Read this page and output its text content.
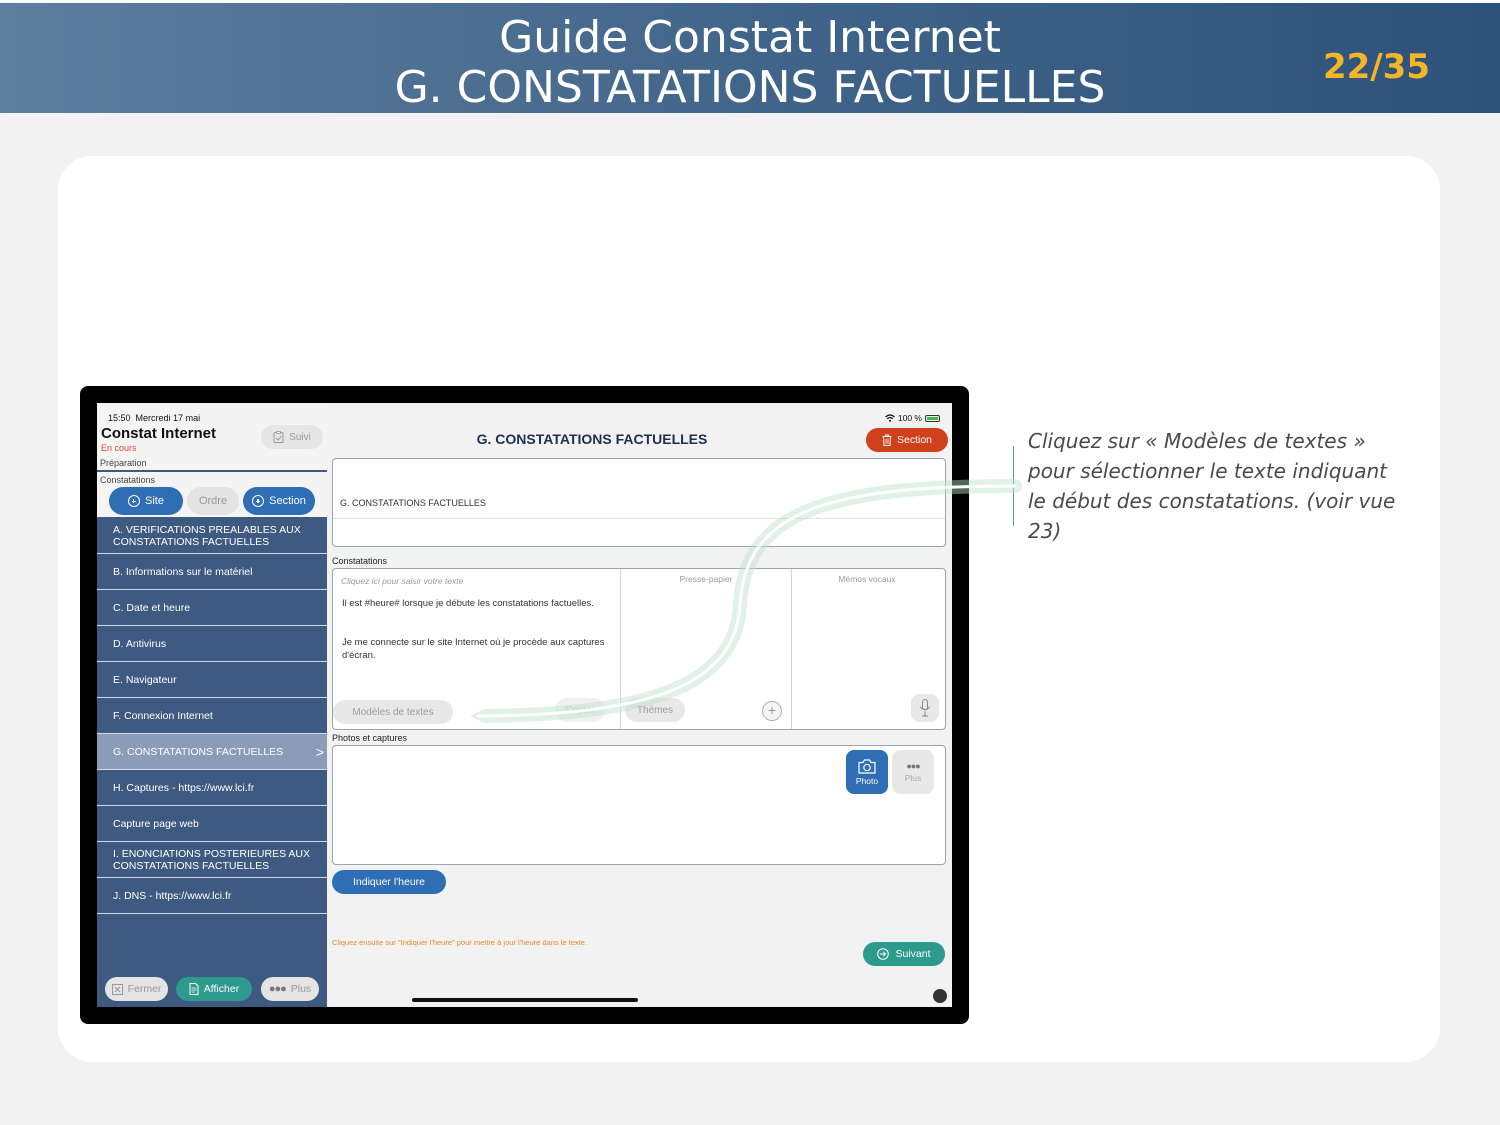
Guide Constat Internet
G. CONSTATATIONS FACTUELLES	22/35
15:50 Mercredi 17 mai
Constat Internet
En cours
Suivi
Préparation
Constatations
Site	Ordre	Section
A. VERIFICATIONS PREALABLES AUX CONSTATATIONS FACTUELLES
B. Informations sur le matériel
C. Date et heure
D. Antivirus
E. Navigateur
F. Connexion Internet
G. CONSTATATIONS FACTUELLES >
H. Captures - https://www.lci.fr
Capture page web
I. ENONCIATIONS POSTERIEURES AUX CONSTATATIONS FACTUELLES
J. DNS - https://www.lci.fr
Fermer	Afficher	●●● Plus
100 %
G. CONSTATATIONS FACTUELLES	Section
G. CONSTATATIONS FACTUELLES
Constatations
Cliquez ici pour saisir votre texte
Il est #heure# lorsque je débute les constatations factuelles.
Je me connecte sur le site Internet où je procède aux captures d'écran.
Presse-papier	Mémos vocaux
Modèles de textes	Copier	Thèmes	+
Photos et captures
Photo
●●●
Plus
Indiquer l'heure
Cliquez ensuite sur "Indiquer l'heure" pour mettre à jour l'heure dans le texte.
Suivant
Cliquez sur « Modèles de textes » pour sélectionner le texte indiquant le début des constatations. (voir vue 23)
